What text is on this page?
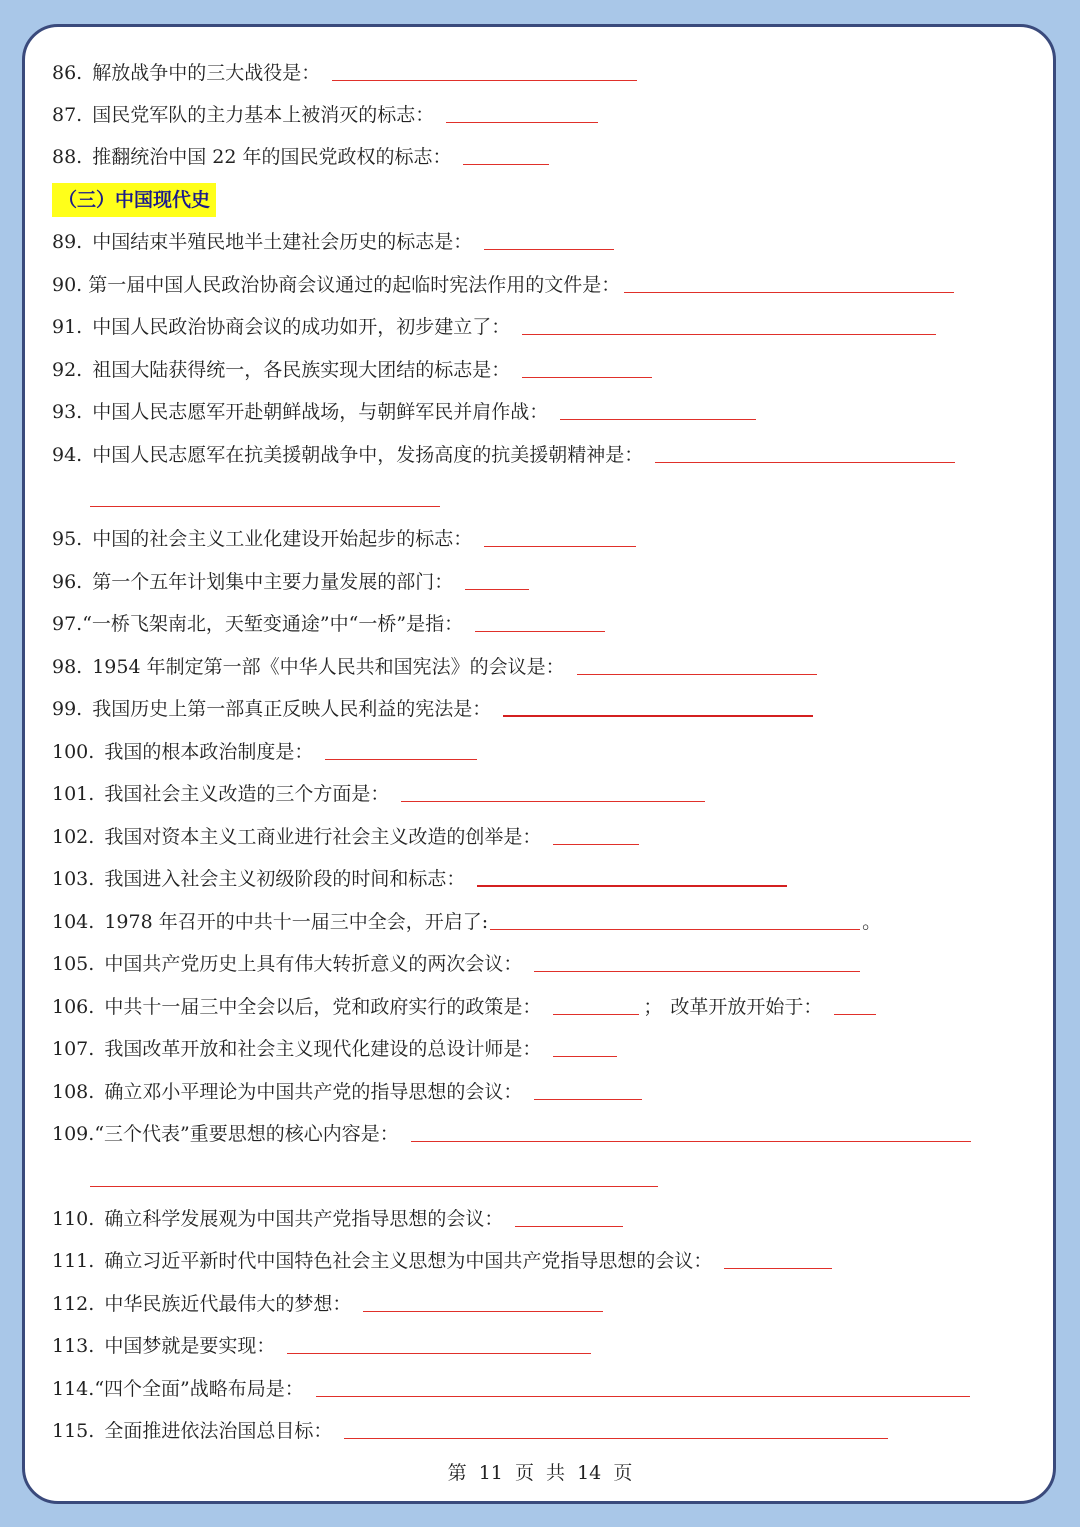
（三）中国现代史
86. 解放战争中的三大战役是：
87. 国民党军队的主力基本上被消灭的标志：
88. 推翻统治中国 22 年的国民党政权的标志：
89. 中国结束半殖民地半土建社会历史的标志是：
90. 第一届中国人民政治协商会议通过的起临时宪法作用的文件是：
91. 中国人民政治协商会议的成功如开，初步建立了：
92. 祖国大陆获得统一，各民族实现大团结的标志是：
93. 中国人民志愿军开赴朝鲜战场，与朝鲜军民并肩作战：
94. 中国人民志愿军在抗美援朝战争中，发扬高度的抗美援朝精神是：
95. 中国的社会主义工业化建设开始起步的标志：
96. 第一个五年计划集中主要力量发展的部门：
97. “一桥飞架南北，天堑变通途”中“一桥”是指：
98. 1954 年制定第一部《中华人民共和国宪法》的会议是：
99. 我国历史上第一部真正反映人民利益的宪法是：
100. 我国的根本政治制度是：
101. 我国社会主义改造的三个方面是：
102. 我国对资本主义工商业进行社会主义改造的创举是：
103. 我国进入社会主义初级阶段的时间和标志：
104. 1978 年召开的中共十一届三中全会，开启了:	。
105. 中国共产党历史上具有伟大转折意义的两次会议：
106. 中共十一届三中全会以后，党和政府实行的政策是：	； 改革开放开始于：
107. 我国改革开放和社会主义现代化建设的总设计师是：
108. 确立邓小平理论为中国共产党的指导思想的会议：
109. “三个代表”重要思想的核心内容是：
110. 确立科学发展观为中国共产党指导思想的会议：
111. 确立习近平新时代中国特色社会主义思想为中国共产党指导思想的会议：
112. 中华民族近代最伟大的梦想：
113. 中国梦就是要实现：
114. “四个全面”战略布局是：
115. 全面推进依法治国总目标：
第 11 页 共 14 页
